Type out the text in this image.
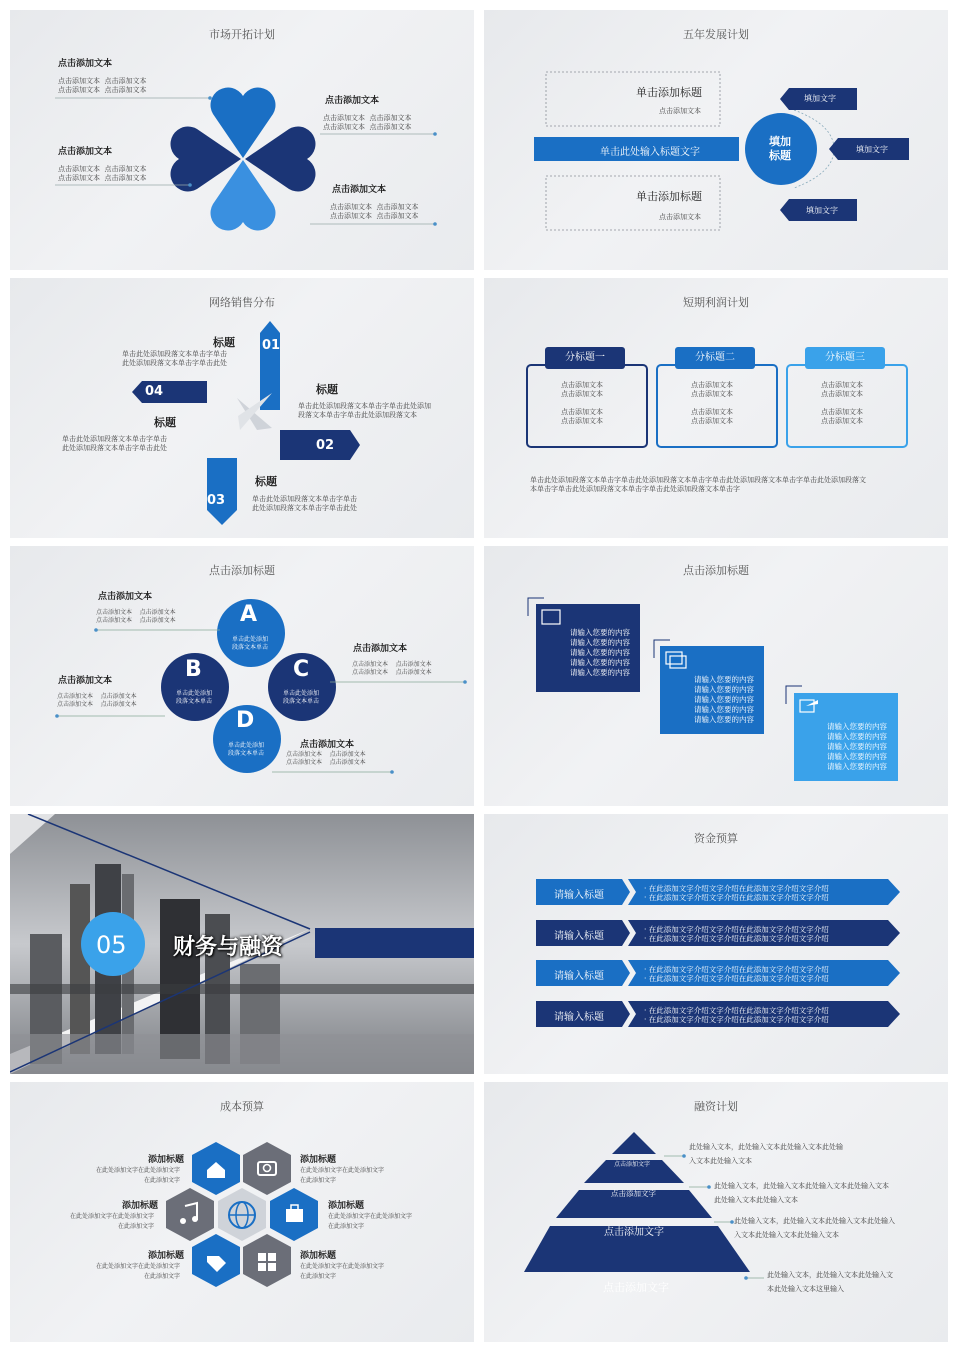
市场开拓计划
点击添加文本
点击添加文本 点击添加文本
点击添加文本 点击添加文本
点击添加文本
点击添加文本 点击添加文本
点击添加文本 点击添加文本
点击添加文本
点击添加文本 点击添加文本
点击添加文本 点击添加文本
点击添加文本
点击添加文本 点击添加文本
点击添加文本 点击添加文本
五年发展计划
单击添加标题
点击添加文本
单击添加标题
点击添加文本
单击此处输入标题文字
填加
标题
填加文字
填加文字
填加文字
网络销售分布
01
02
03
04
标题
单击此处添加段落文本单击字单击
此处添加段落文本单击字单击此处
标题
单击此处添加段落文本单击字单击此处添加
段落文本单击字单击此处添加段落文本
标题
单击此处添加段落文本单击字单击
此处添加段落文本单击字单击此处
标题
单击此处添加段落文本单击字单击
此处添加段落文本单击字单击此处
短期利润计划
分标题一	分标题二	分标题三
点击添加文本
点击添加文本

点击添加文本
点击添加文本
点击添加文本
点击添加文本

点击添加文本
点击添加文本
点击添加文本
点击添加文本

点击添加文本
点击添加文本
单击此处添加段落文本单击字单击此处添加段落文本单击字单击此处添加段落文本单击字单击此处添加段落文
本单击字单击此处添加段落文本单击字单击此处添加段落文本单击字
点击添加标题
A
B	C
D
单击此处添加
段落文本单击
单击此处添加
段落文本单击
单击此处添加
段落文本单击
单击此处添加
段落文本单击
点击添加文本
点击添加文本 点击添加文本
点击添加文本 点击添加文本
点击添加文本
点击添加文本 点击添加文本
点击添加文本 点击添加文本
点击添加文本
点击添加文本 点击添加文本
点击添加文本 点击添加文本
点击添加文本
点击添加文本 点击添加文本
点击添加文本 点击添加文本
点击添加标题
请输入您要的内容
请输入您要的内容
请输入您要的内容
请输入您要的内容
请输入您要的内容
请输入您要的内容
请输入您要的内容
请输入您要的内容
请输入您要的内容
请输入您要的内容
请输入您要的内容
请输入您要的内容
请输入您要的内容
请输入您要的内容
请输入您要的内容
05 财务与融资
资金预算
请输入标题
请输入标题
请输入标题
请输入标题
· 在此添加文字介绍文字介绍在此添加文字介绍文字介绍
· 在此添加文字介绍文字介绍在此添加文字介绍文字介绍
· 在此添加文字介绍文字介绍在此添加文字介绍文字介绍
· 在此添加文字介绍文字介绍在此添加文字介绍文字介绍
· 在此添加文字介绍文字介绍在此添加文字介绍文字介绍
· 在此添加文字介绍文字介绍在此添加文字介绍文字介绍
· 在此添加文字介绍文字介绍在此添加文字介绍文字介绍
· 在此添加文字介绍文字介绍在此添加文字介绍文字介绍
成本预算
添加标题
在此处添加文字在此处添加文字
在此添加文字
添加标题
在此处添加文字在此处添加文字
在此添加文字
添加标题
在此处添加文字在此处添加文字
在此添加文字
添加标题
在此处添加文字在此处添加文字
在此添加文字
添加标题
在此处添加文字在此处添加文字
在此添加文字
添加标题
在此处添加文字在此处添加文字
在此添加文字
融资计划
点击添加文字
点击添加文字
点击添加文字
点击添加文字
此处输入文本，此处输入文本此处输入文本此处输
入文本此处输入文本
此处输入文本，此处输入文本此处输入文本此处输入文本
此处输入文本此处输入文本
此处输入文本，此处输入文本此处输入文本此处输入
入文本此处输入文本此处输入文本
此处输入文本，此处输入文本此处输入文
本此处输入文本这里输入
